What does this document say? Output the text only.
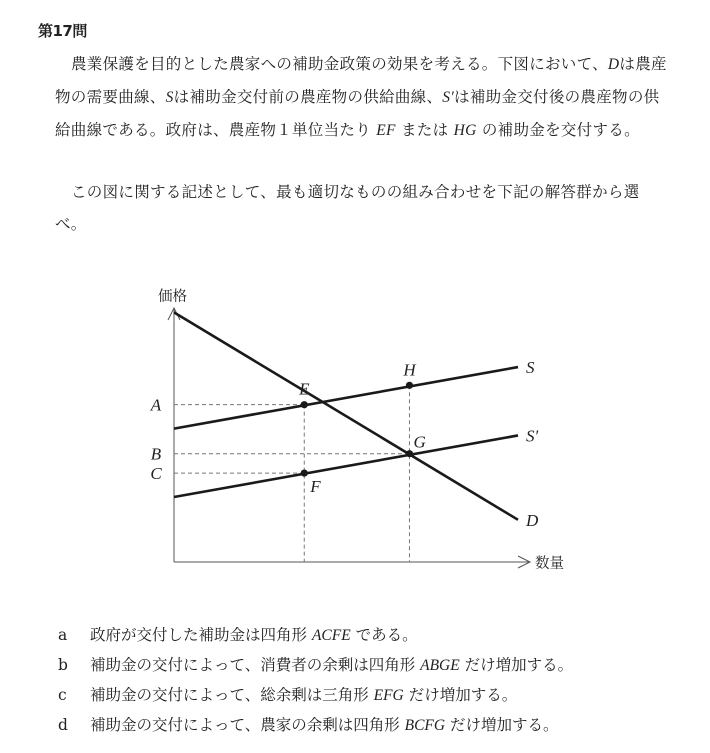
第17問
農業保護を目的とした農家への補助金政策の効果を考える。下図において、Dは農産物の需要曲線、Sは補助金交付前の農産物の供給曲線、S′は補助金交付後の農産物の供給曲線である。政府は、農産物１単位当たり EF または HG の補助金を交付する。
この図に関する記述として、最も適切なものの組み合わせを下記の解答群から選べ。
価格
数量
A
B
C
D
S
S′
E
H
G
F
a 政府が交付した補助金は四角形 ACFE である。
b 補助金の交付によって、消費者の余剰は四角形 ABGE だけ増加する。
c 補助金の交付によって、総余剰は三角形 EFG だけ増加する。
d 補助金の交付によって、農家の余剰は四角形 BCFG だけ増加する。
